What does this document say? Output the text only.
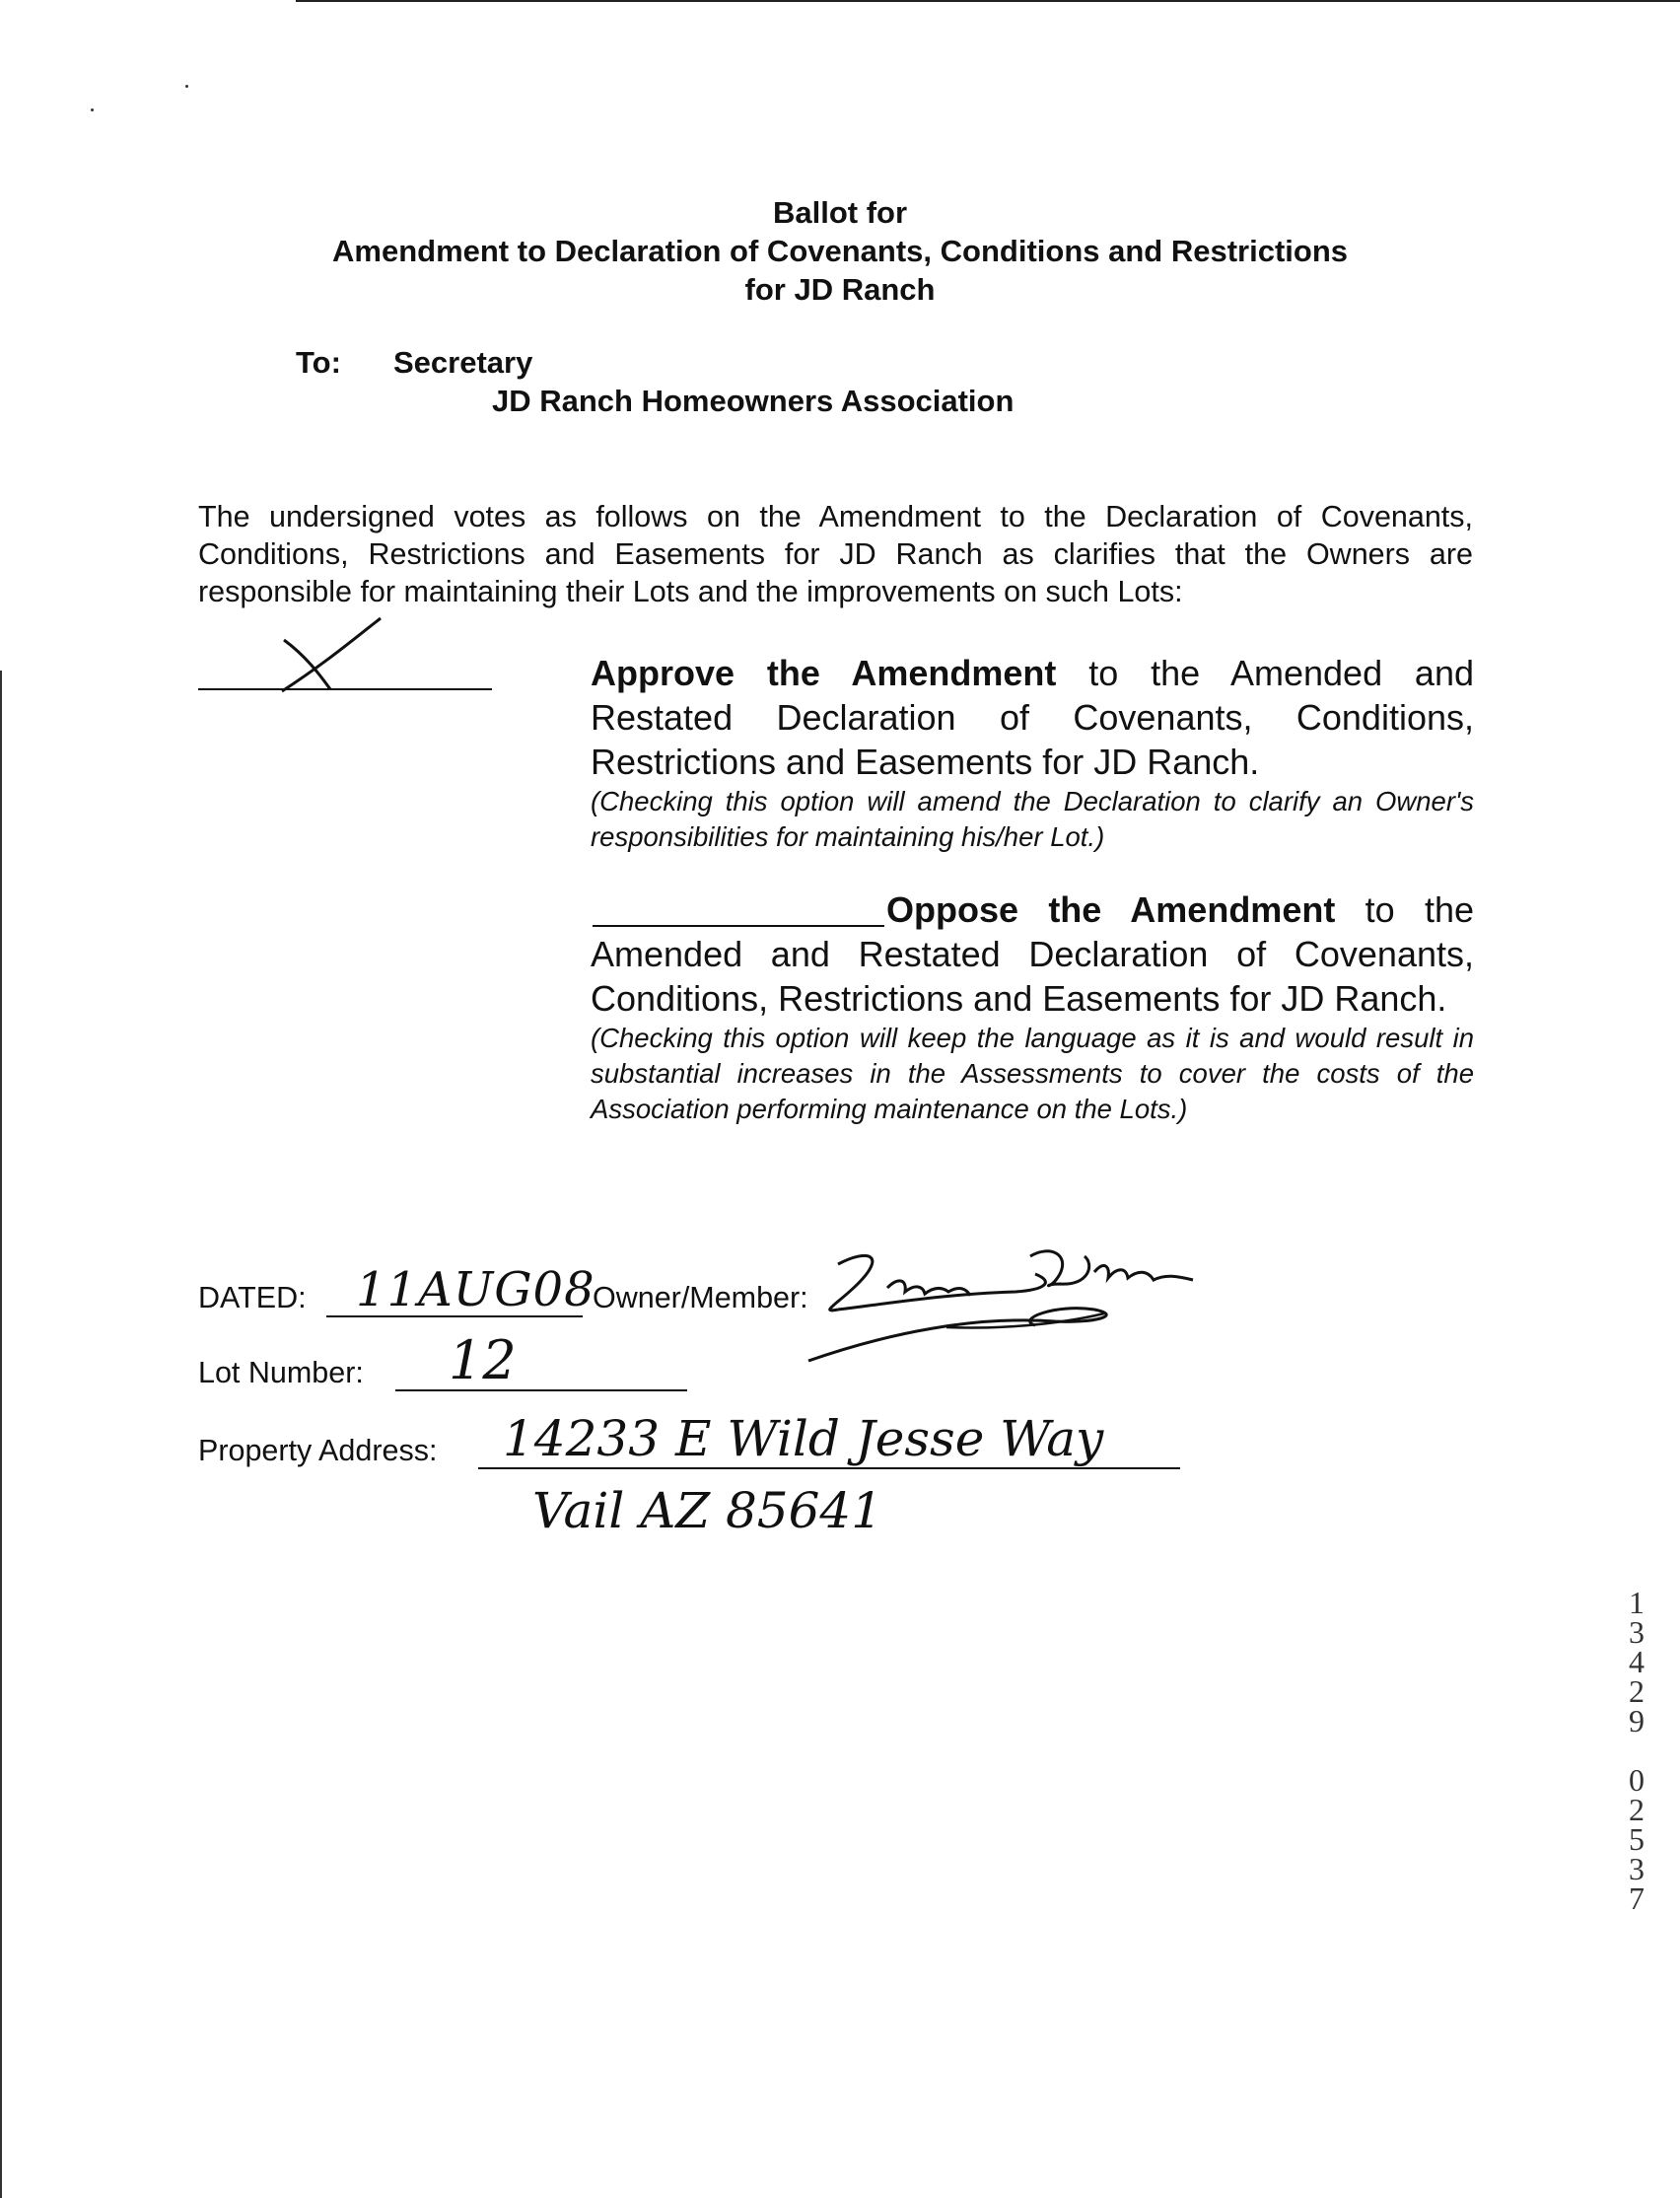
Ballot for
Amendment to Declaration of Covenants, Conditions and Restrictions
for JD Ranch
To: Secretary
JD Ranch Homeowners Association
The undersigned votes as follows on the Amendment to the Declaration of Covenants, Conditions, Restrictions and Easements for JD Ranch as clarifies that the Owners are responsible for maintaining their Lots and the improvements on such Lots:
Approve the Amendment to the Amended and Restated Declaration of Covenants, Conditions, Restrictions and Easements for JD Ranch.
(Checking this option will amend the Declaration to clarify an Owner's responsibilities for maintaining his/her Lot.)
Oppose the Amendment to the Amended and Restated Declaration of Covenants, Conditions, Restrictions and Easements for JD Ranch.
(Checking this option will keep the language as it is and would result in substantial increases in the Assessments to cover the costs of the Association performing maintenance on the Lots.)
DATED: 11AUG08
Owner/Member:
Lot Number: 12
Property Address: 14233 E Wild Jesse Way
Vail AZ 85641
1
3
4
2
9

0
2
5
3
7
